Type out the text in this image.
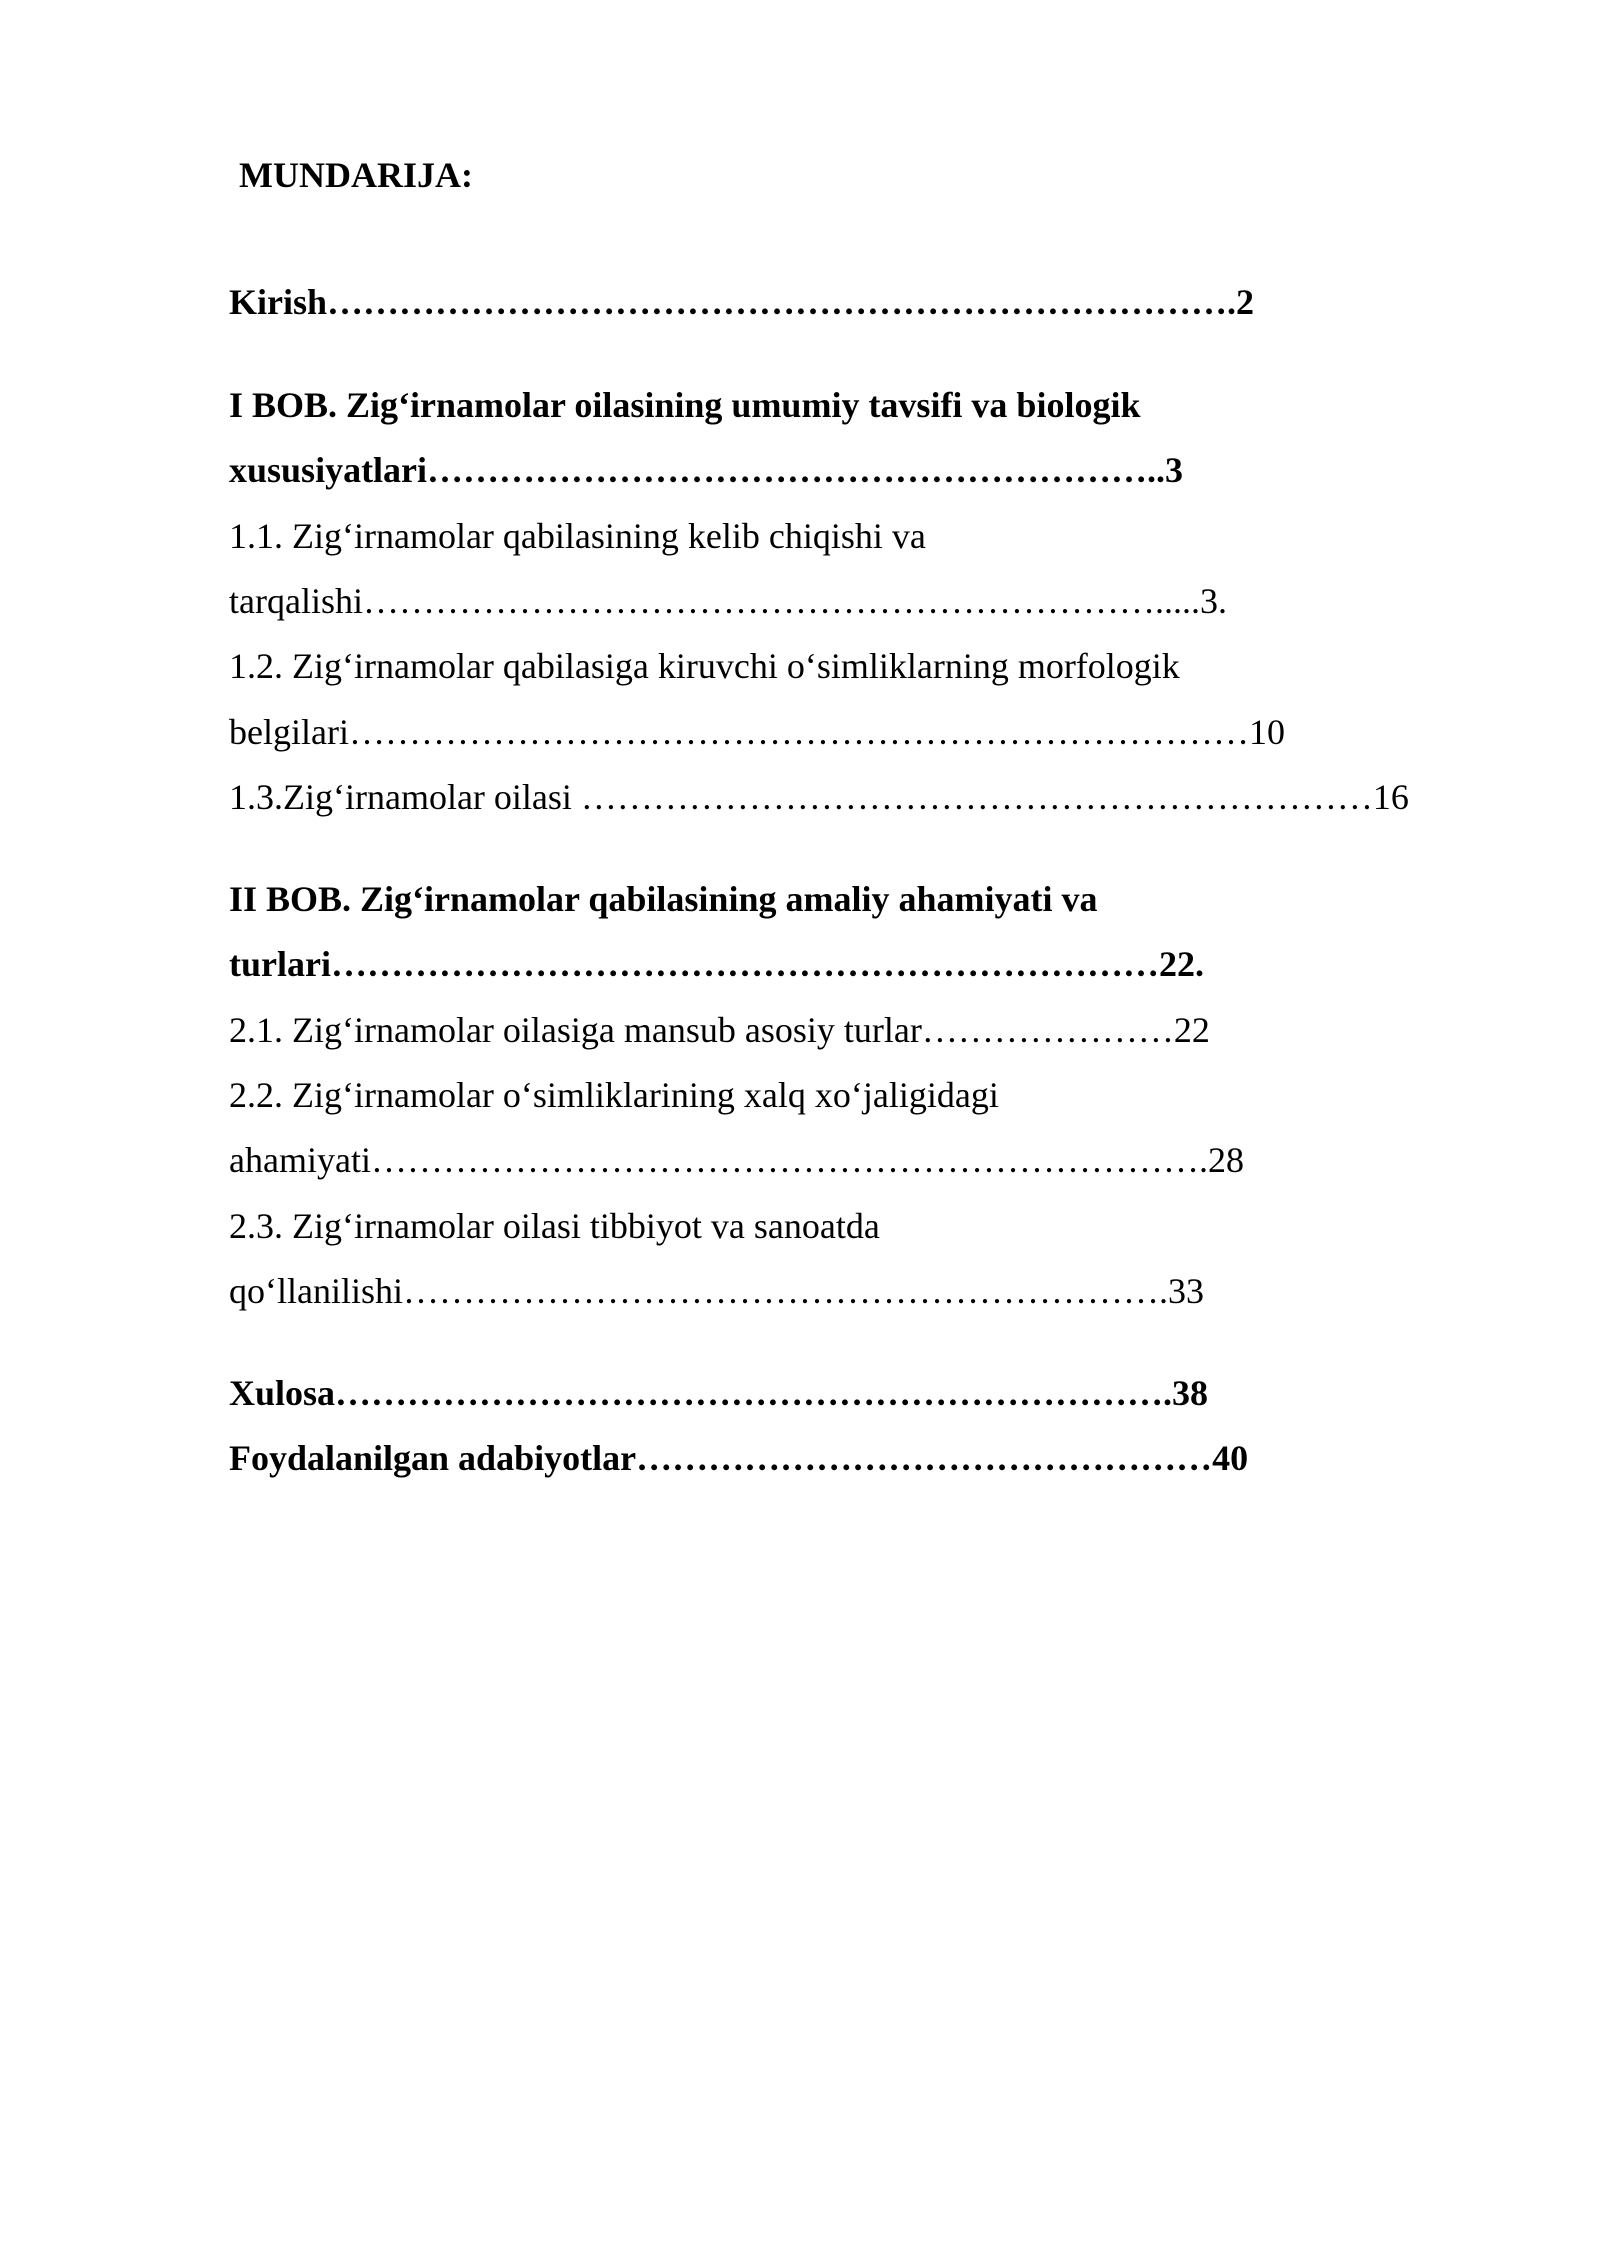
MUNDARIJA:

Kirish………………………………………………………………….2

I BOB. Zig‘irnamolar oilasining umumiy tavsifi va biologik

xususiyatlari……………………………………………………..3

1.1. Zig‘irnamolar qabilasining kelib chiqishi va

tarqalishi………………………………………………………….....3.

1.2. Zig‘irnamolar qabilasiga kiruvchi o‘simliklarning morfologik

belgilari…………………………………………………………………10

1.3.Zig‘irnamolar oilasi …………………………………………………………16

II BOB. Zig‘irnamolar qabilasining amaliy ahamiyati va

turlari……………………………………………………………22.

2.1. Zig‘irnamolar oilasiga mansub asosiy turlar…………………22

2.2. Zig‘irnamolar o‘simliklarining xalq xo‘jaligidagi

ahamiyati…………………………………………………………….28

2.3. Zig‘irnamolar oilasi tibbiyot va sanoatda

qo‘llanilishi……………………………………………………….33

Xulosa…………………………………………………………….38

Foydalanilgan adabiyotlar…………………………………………40
